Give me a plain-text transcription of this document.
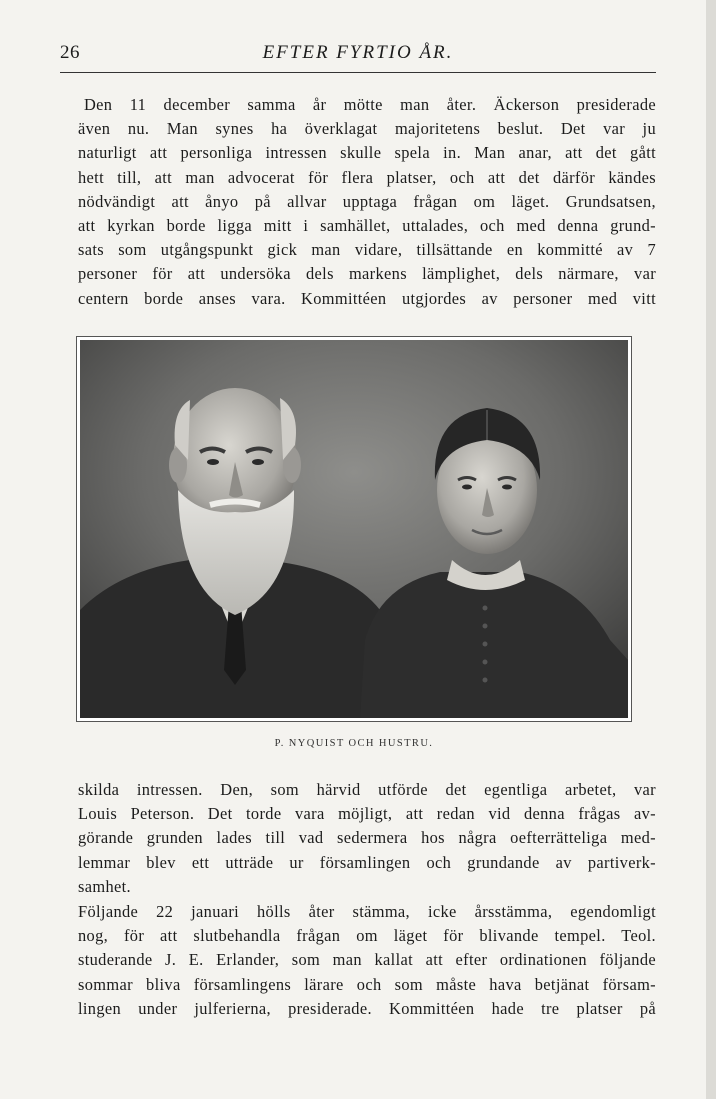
26	EFTER FYRTIO ÅR.

Den 11 december samma år mötte man åter. Äckerson presiderade
även nu. Man synes ha överklagat majoritetens beslut. Det var ju
naturligt att personliga intressen skulle spela in. Man anar, att det gått
hett till, att man advocerat för flera platser, och att det därför kändes
nödvändigt att ånyo på allvar upptaga frågan om läget. Grundsatsen,
att kyrkan borde ligga mitt i samhället, uttalades, och med denna grund-
sats som utgångspunkt gick man vidare, tillsättande en kommitté av 7
personer för att undersöka dels markens lämplighet, dels närmare, var
centern borde anses vara. Kommittéen utgjordes av personer med vitt

P. NYQUIST OCH HUSTRU.

skilda intressen. Den, som härvid utförde det egentliga arbetet, var
Louis Peterson. Det torde vara möjligt, att redan vid denna frågas av-
görande grunden lades till vad sedermera hos några oefterrätteliga med-
lemmar blev ett utträde ur församlingen och grundande av partiverk-
samhet.

Följande 22 januari hölls åter stämma, icke årsstämma, egendomligt
nog, för att slutbehandla frågan om läget för blivande tempel. Teol.
studerande J. E. Erlander, som man kallat att efter ordinationen följande
sommar bliva församlingens lärare och som måste hava betjänat försam-
lingen under julferierna, presiderade. Kommittéen hade tre platser på
